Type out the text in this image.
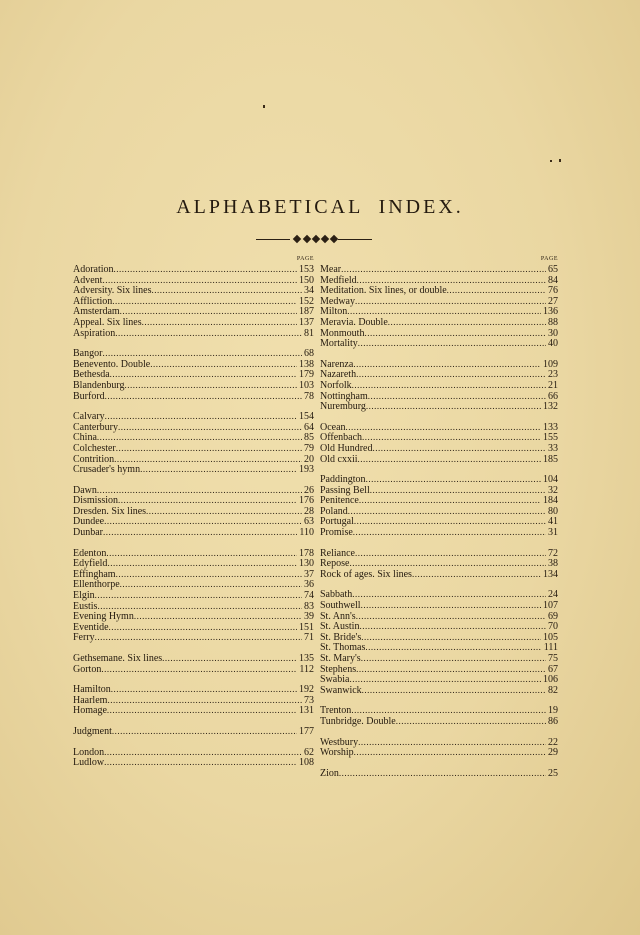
ALPHABETICAL INDEX.
PAGE
Adoration .....	153
Advent .....	150
Adversity. Six lines .....	34
Affliction .....	152
Amsterdam .....	187
Appeal. Six lines .....	137
Aspiration .....	81
Bangor .....	68
Benevento. Double .....	138
Bethesda .....	179
Blandenburg .....	103
Burford .....	78
Calvary .....	154
Canterbury .....	64
China .....	85
Colchester .....	79
Contrition .....	20
Crusader's hymn .....	193
Dawn .....	26
Dismission .....	176
Dresden. Six lines .....	28
Dundee .....	63
Dunbar .....	110
Edenton .....	178
Edyfield .....	130
Effingham .....	37
Ellenthorpe .....	36
Elgin .....	74
Eustis .....	83
Evening Hymn .....	39
Eventide .....	151
Ferry .....	71
Gethsemane. Six lines .....	135
Gorton .....	112
Hamilton .....	192
Haarlem .....	73
Homage .....	131
Judgment .....	177
London .....	62
Ludlow .....	108
PAGE
Mear .....	65
Medfield .....	84
Meditation. Six lines, or double .....	76
Medway .....	27
Milton .....	136
Meravia. Double .....	88
Monmouth .....	30
Mortality .....	40
Narenza .....	109
Nazareth .....	23
Norfolk .....	21
Nottingham .....	66
Nuremburg .....	132
Ocean .....	133
Offenbach .....	155
Old Hundred .....	33
Old cxxii .....	185
Paddington .....	104
Passing Bell .....	32
Penitence .....	184
Poland .....	80
Portugal .....	41
Promise .....	31
Reliance .....	72
Repose .....	38
Rock of ages. Six lines .....	134
Sabbath .....	24
Southwell .....	107
St. Ann's .....	69
St. Austin .....	70
St. Bride's .....	105
St. Thomas .....	111
St. Mary's .....	75
Stephens .....	67
Swabia .....	106
Swanwick .....	82
Trenton .....	19
Tunbridge. Double .....	86
Westbury .....	22
Worship .....	29
Zion .....	25
